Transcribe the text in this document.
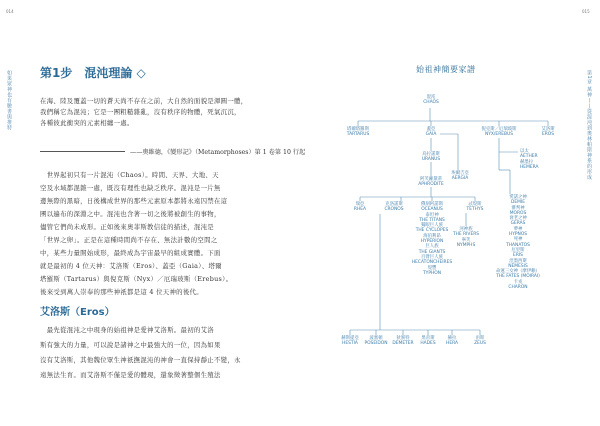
014	015
如果眾神也有臉書與推特	第1章 萬神——從混沌到奧林帕斯神系的形成
第1步　混沌理論 ◇
在海、陸及覆蓋一切的蒼天尚不存在之前，大自然的面貌是渾圓一體，
我們稱它為混沌；它是一團粗糙雜亂，沒有秩序的物體，死氣沉沉，
各種彼此衝突的元素相纏一處。
——奧維德，《變形記》（Metamorphoses）第 1 卷第 10 行起
　世界起初只有一片混沌（Chaos）。時間、天界、大地、天
空及水域都混雜一處，既沒有理性也缺乏秩序。混沌是一片無
邊無際的黑暗，日後構成世界的那些元素原本都將永遠囚禁在這
團以遍布的深淵之中。混沌也含著一切之後將被創生的事物，
儘管它們尚未成形。正如後來奧菲斯教信徒的描述，混沌是
「世界之卵」。正是在這種時間尚不存在、無法計數的空間之
中，某些力量開始成形，最終成為宇宙最早的組成實體。下面
就是最初的 4 位天神：艾洛斯（Eros）、蓋亞（Gaia）、塔爾
塔羅斯（Tartarus）與倪克斯（Nyx）／厄瑞玻斯（Erebus）。
後來受到萬人崇奉的那些神祇都是這 4 位天神的後代。
艾洛斯（Eros）
　最先從混沌之中現身的始祖神是愛神艾洛斯。最初的艾洛
斯有強大的力量，可以說是諸神之中最強大的一位，因為如果
沒有艾洛斯，其他魏位眾生神祇撫混沌的神會一直保持靜止不變，永
遠無法生育。而艾洛斯不僅是愛的體現，還象徵著整個生殖法
始祖神簡要家譜
混沌
CHAOS
塔爾塔羅斯
TARTARUS
蓋亞
GAIA
倪克斯／厄瑞玻斯
NYX/EREBUS
艾洛斯
EROS
烏拉諾斯
URANUS
阿芙蘿黛蒂
APHRODITE
埃爾吉亞
AERGIA
以太
AETHER
赫墨拉
HEMERA
瑞亞
RHEA
克洛諾斯
CRONOS
俄刻阿諾斯
OCEANUS
泰坦神
THE TITANS
獨眼巨人族
THE CYCLOPES
海伯利昂
HYPERION
巨人族
THE GIANTS
百臂巨人族
HECATONCHEIRES
堤豐
TYPHON
忒堤斯
TETHYS
河神族
THE RIVERS
寧芙
NYMPHS
愛諾之神
DEMIE
審判神
MOROS
衰老之神
GERAS
夢神
HYPNOS
死神
THANATOS
厄里斯
ERIS
涅墨西斯
NEMESIS
命運三女神（摩伊賴）
THE FATES (MOIRAI)
卡戎
CHARON
赫斯提亞
HESTIA
波塞頓
POSEIDON
狄蜜特
DEMETER
黑帝斯
HADES
赫拉
HERA
宙斯
ZEUS
